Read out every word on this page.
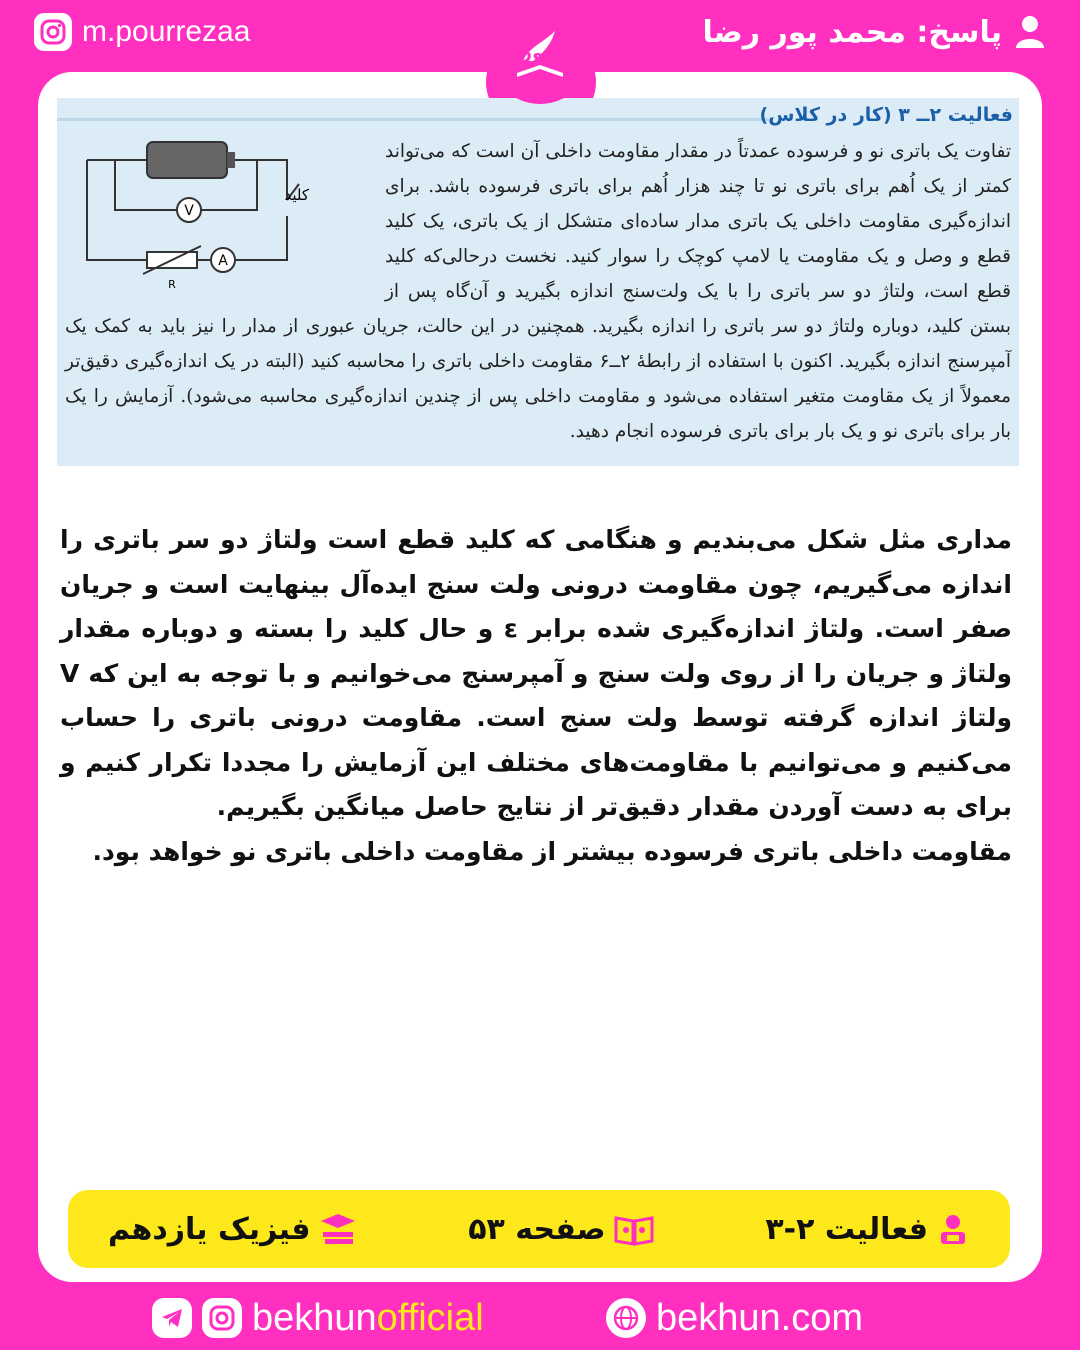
m.pourrezaa	پاسخ: محمد پور رضا
بخون
فعالیت ۲ــ ۳ (کار در کلاس)
تفاوت یک باتری نو و فرسوده عمدتاً در مقدار مقاومت داخلی آن است که می‌تواند کمتر از یک اُهم برای باتری نو تا چند هزار اُهم برای باتری فرسوده باشد. برای اندازه‌گیری مقاومت داخلی یک باتری مدار ساده‌ای متشکل از یک باتری، یک کلید قطع و وصل و یک مقاومت یا لامپ کوچک را سوار کنید. نخست درحالی‌که کلید قطع است، ولتاژ دو سر باتری را با یک ولت‌سنج اندازه بگیرید و آن‌گاه پس از بستن کلید، دوباره ولتاژ دو سر باتری را اندازه بگیرید. همچنین در این حالت، جریان عبوری از مدار را نیز باید به کمک یک آمپرسنج اندازه بگیرید. اکنون با استفاده از رابطهٔ ۲ــ۶ مقاومت داخلی باتری را محاسبه کنید (البته در یک اندازه‌گیری دقیق‌تر معمولاً از یک مقاومت متغیر استفاده می‌شود و مقاومت داخلی پس از چندین اندازه‌گیری محاسبه می‌شود). آزمایش را یک بار برای باتری نو و یک بار برای باتری فرسوده انجام دهید.
V
R
A
کلید

مداری مثل شکل می‌بندیم و هنگامی که کلید قطع است ولتاژ دو سر باتری را اندازه می‌گیریم، چون مقاومت درونی ولت سنج ایده‌آل بینهایت است و جریان صفر است. ولتاژ اندازه‌گیری شده برابر ε و حال کلید را بسته و دوباره مقدار ولتاژ و جریان را از روی ولت سنج و آمپرسنج می‌خوانیم و با توجه به این که V ولتاژ اندازه گرفته توسط ولت سنج است. مقاومت درونی باتری را حساب می‌کنیم و می‌توانیم با مقاومت‌های مختلف این آزمایش را مجددا تکرار کنیم و برای به دست آوردن مقدار دقیق‌تر از نتایج حاصل میانگین بگیریم.

مقاومت داخلی باتری فرسوده بیشتر از مقاومت داخلی باتری نو خواهد بود.

فعالیت ۲-۳
صفحه ۵۳
فیزیک یازدهم
bekhun official	bekhun.com
